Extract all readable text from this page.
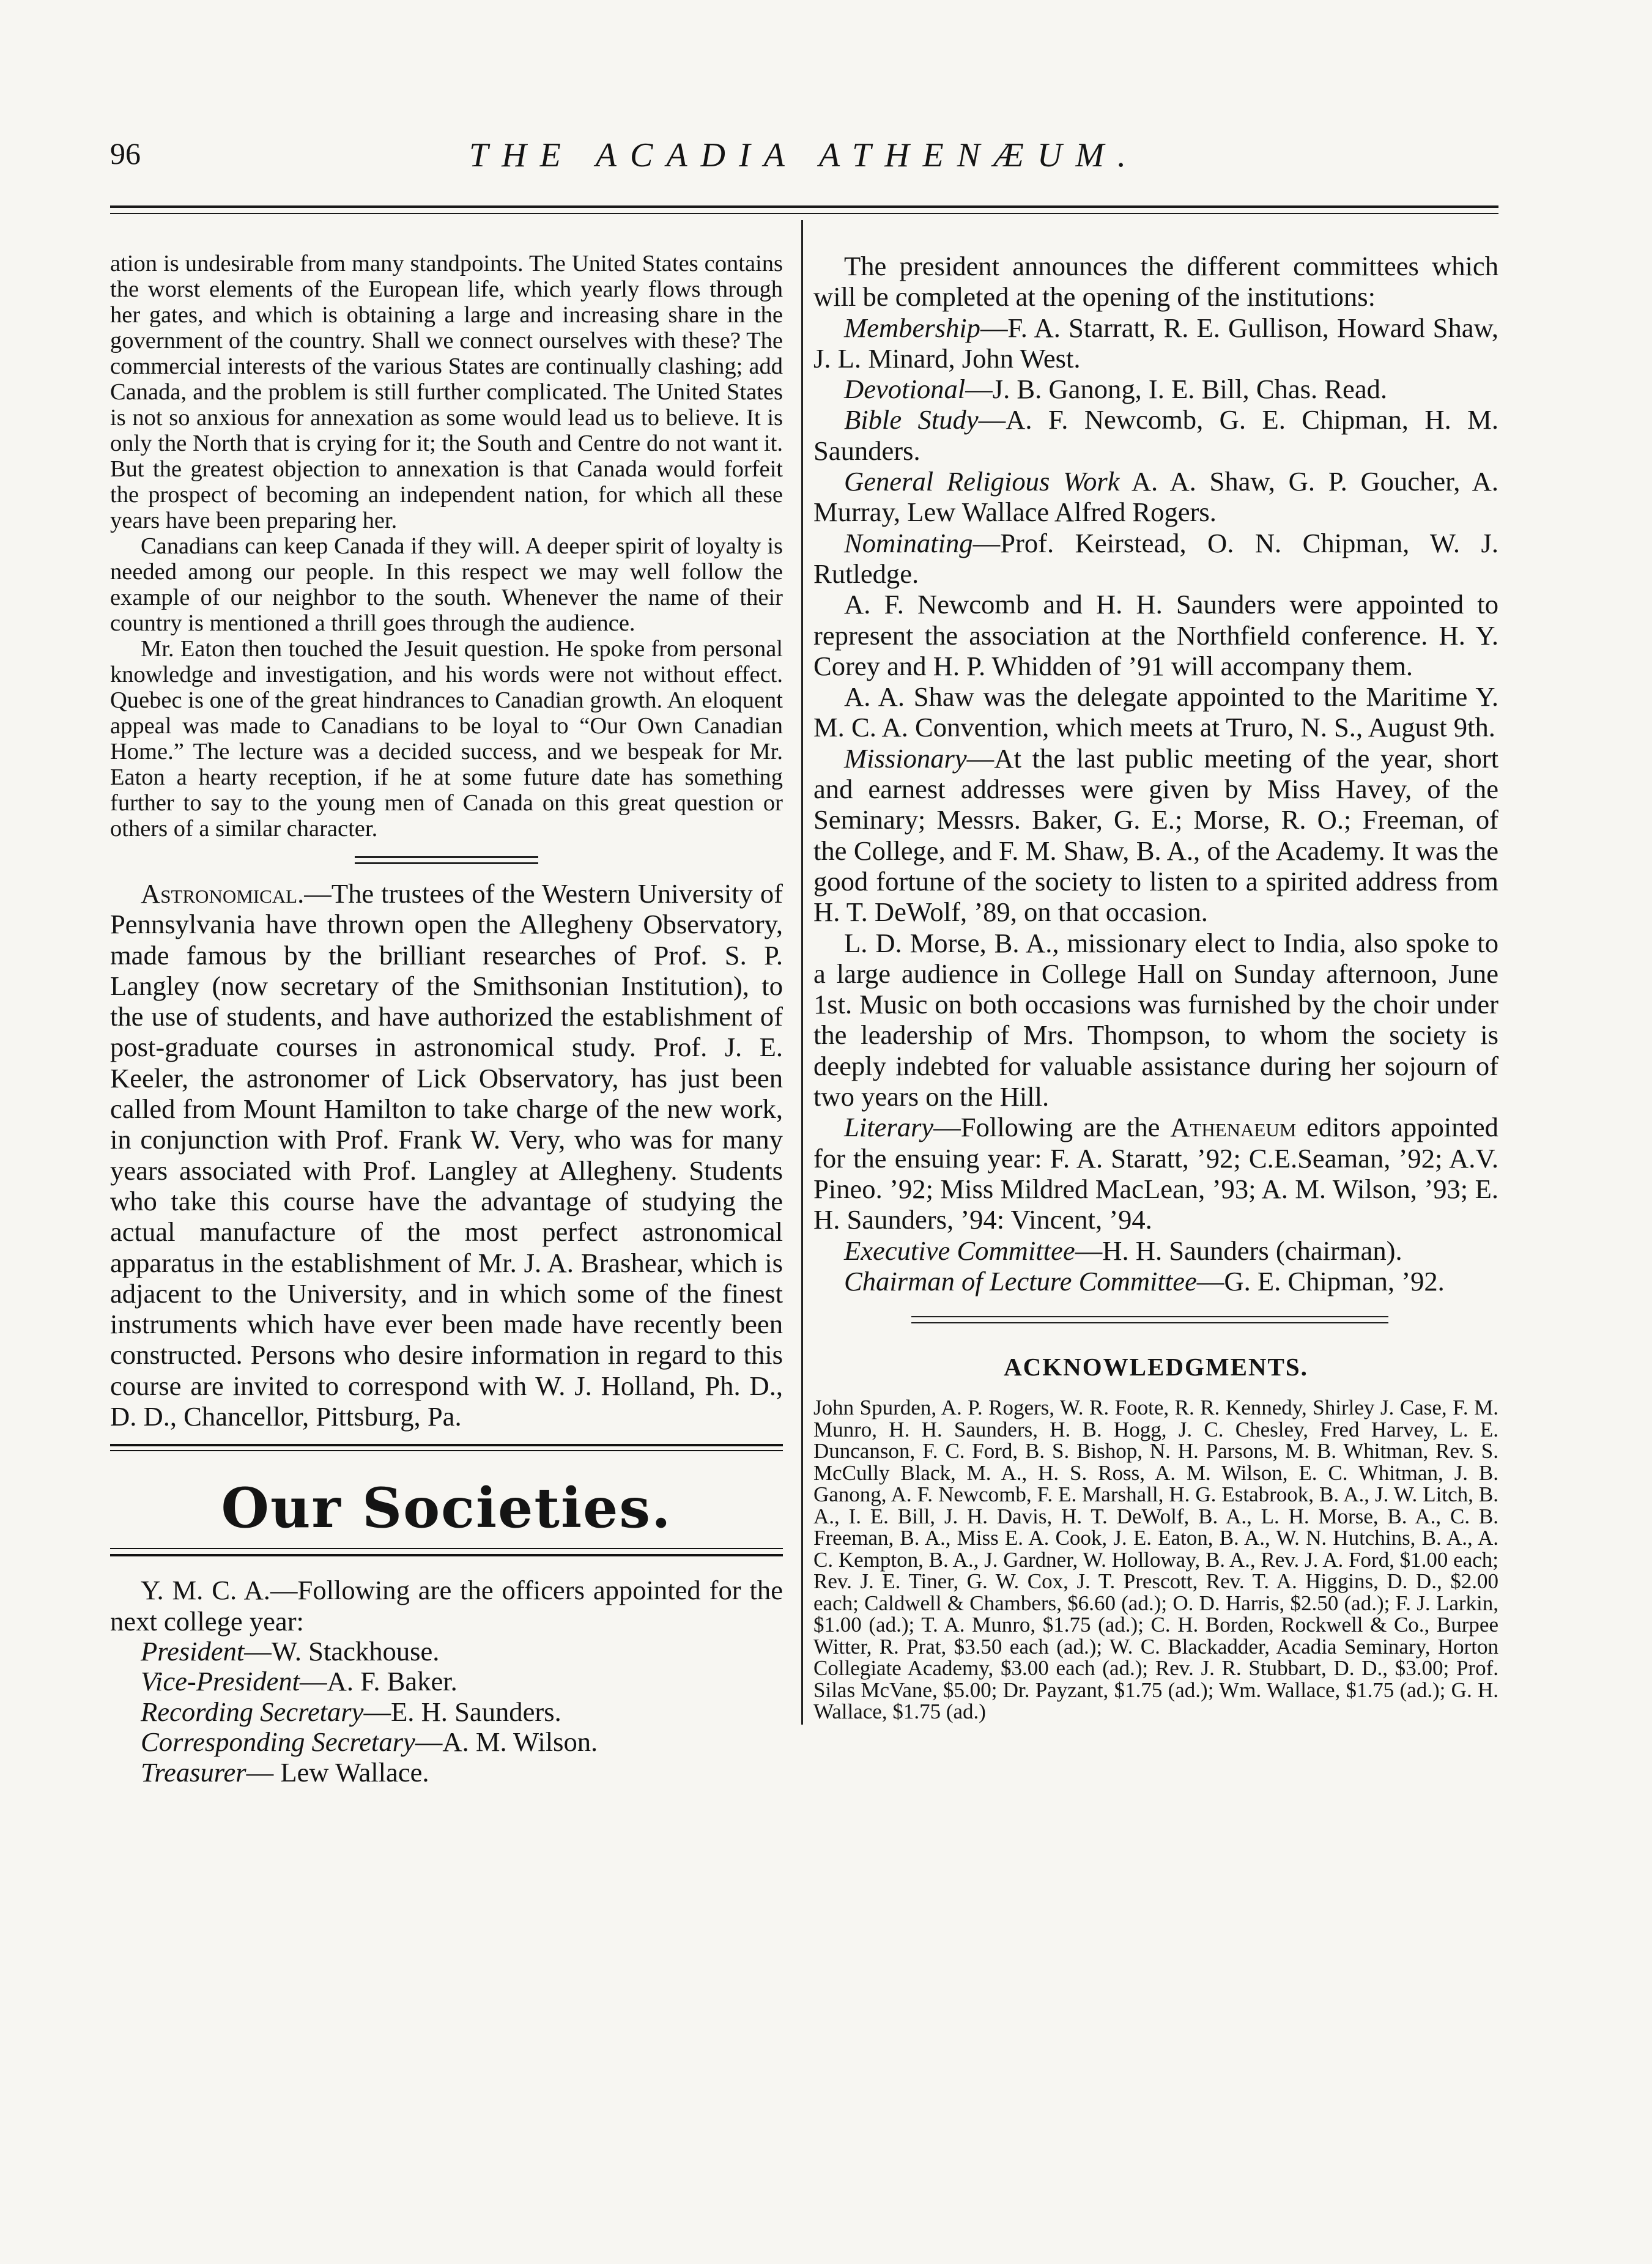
96	THE ACADIA ATHENÆUM.

ation is undesirable from many standpoints. The United States contains the worst elements of the European life, which yearly flows through her gates, and which is obtaining a large and increasing share in the government of the country. Shall we connect ourselves with these? The commercial interests of the various States are continually clashing; add Canada, and the problem is still further complicated. The United States is not so anxious for annexation as some would lead us to believe. It is only the North that is crying for it; the South and Centre do not want it. But the greatest objection to annexation is that Canada would forfeit the prospect of becoming an independent nation, for which all these years have been preparing her.

Canadians can keep Canada if they will. A deeper spirit of loyalty is needed among our people. In this respect we may well follow the example of our neighbor to the south. Whenever the name of their country is mentioned a thrill goes through the audience.

Mr. Eaton then touched the Jesuit question. He spoke from personal knowledge and investigation, and his words were not without effect. Quebec is one of the great hindrances to Canadian growth. An eloquent appeal was made to Canadians to be loyal to “Our Own Canadian Home.” The lecture was a decided success, and we bespeak for Mr. Eaton a hearty reception, if he at some future date has something further to say to the young men of Canada on this great question or others of a similar character.

Astronomical.—The trustees of the Western University of Pennsylvania have thrown open the Allegheny Observatory, made famous by the brilliant researches of Prof. S. P. Langley (now secretary of the Smithsonian Institution), to the use of students, and have authorized the establishment of post-graduate courses in astronomical study. Prof. J. E. Keeler, the astronomer of Lick Observatory, has just been called from Mount Hamilton to take charge of the new work, in conjunction with Prof. Frank W. Very, who was for many years associated with Prof. Langley at Allegheny. Students who take this course have the advantage of studying the actual manufacture of the most perfect astronomical apparatus in the establishment of Mr. J. A. Brashear, which is adjacent to the University, and in which some of the finest instruments which have ever been made have recently been constructed. Persons who desire information in regard to this course are invited to correspond with W. J. Holland, Ph. D., D. D., Chancellor, Pittsburg, Pa.

Our Societies.

Y. M. C. A.—Following are the officers appointed for the next college year:

President—W. Stackhouse.
Vice-President—A. F. Baker.
Recording Secretary—E. H. Saunders.
Corresponding Secretary—A. M. Wilson.
Treasurer— Lew Wallace.

The president announces the different committees which will be completed at the opening of the institutions:

Membership—F. A. Starratt, R. E. Gullison, Howard Shaw, J. L. Minard, John West.

Devotional—J. B. Ganong, I. E. Bill, Chas. Read.

Bible Study—A. F. Newcomb, G. E. Chipman, H. M. Saunders.

General Religious Work A. A. Shaw, G. P. Goucher, A. Murray, Lew Wallace Alfred Rogers.

Nominating—Prof. Keirstead, O. N. Chipman, W. J. Rutledge.

A. F. Newcomb and H. H. Saunders were appointed to represent the association at the Northfield conference. H. Y. Corey and H. P. Whidden of ’91 will accompany them.

A. A. Shaw was the delegate appointed to the Maritime Y. M. C. A. Convention, which meets at Truro, N. S., August 9th.

Missionary—At the last public meeting of the year, short and earnest addresses were given by Miss Havey, of the Seminary; Messrs. Baker, G. E.; Morse, R. O.; Freeman, of the College, and F. M. Shaw, B. A., of the Academy. It was the good fortune of the society to listen to a spirited address from H. T. DeWolf, ’89, on that occasion.

L. D. Morse, B. A., missionary elect to India, also spoke to a large audience in College Hall on Sunday afternoon, June 1st. Music on both occasions was furnished by the choir under the leadership of Mrs. Thompson, to whom the society is deeply indebted for valuable assistance during her sojourn of two years on the Hill.

Literary—Following are the Athenaeum editors appointed for the ensuing year: F. A. Staratt, ’92; C.E.Seaman, ’92; A.V. Pineo. ’92; Miss Mildred MacLean, ’93; A. M. Wilson, ’93; E. H. Saunders, ’94: Vincent, ’94.

Executive Committee—H. H. Saunders (chairman).

Chairman of Lecture Committee—G. E. Chipman, ’92.

ACKNOWLEDGMENTS.

John Spurden, A. P. Rogers, W. R. Foote, R. R. Kennedy, Shirley J. Case, F. M. Munro, H. H. Saunders, H. B. Hogg, J. C. Chesley, Fred Harvey, L. E. Duncanson, F. C. Ford, B. S. Bishop, N. H. Parsons, M. B. Whitman, Rev. S. McCully Black, M. A., H. S. Ross, A. M. Wilson, E. C. Whitman, J. B. Ganong, A. F. Newcomb, F. E. Marshall, H. G. Estabrook, B. A., J. W. Litch, B. A., I. E. Bill, J. H. Davis, H. T. DeWolf, B. A., L. H. Morse, B. A., C. B. Freeman, B. A., Miss E. A. Cook, J. E. Eaton, B. A., W. N. Hutchins, B. A., A. C. Kempton, B. A., J. Gardner, W. Holloway, B. A., Rev. J. A. Ford, $1.00 each; Rev. J. E. Tiner, G. W. Cox, J. T. Prescott, Rev. T. A. Higgins, D. D., $2.00 each; Caldwell & Chambers, $6.60 (ad.); O. D. Harris, $2.50 (ad.); F. J. Larkin, $1.00 (ad.); T. A. Munro, $1.75 (ad.); C. H. Borden, Rockwell & Co., Burpee Witter, R. Prat, $3.50 each (ad.); W. C. Blackadder, Acadia Seminary, Horton Collegiate Academy, $3.00 each (ad.); Rev. J. R. Stubbart, D. D., $3.00; Prof. Silas McVane, $5.00; Dr. Payzant, $1.75 (ad.); Wm. Wallace, $1.75 (ad.); G. H. Wallace, $1.75 (ad.)
